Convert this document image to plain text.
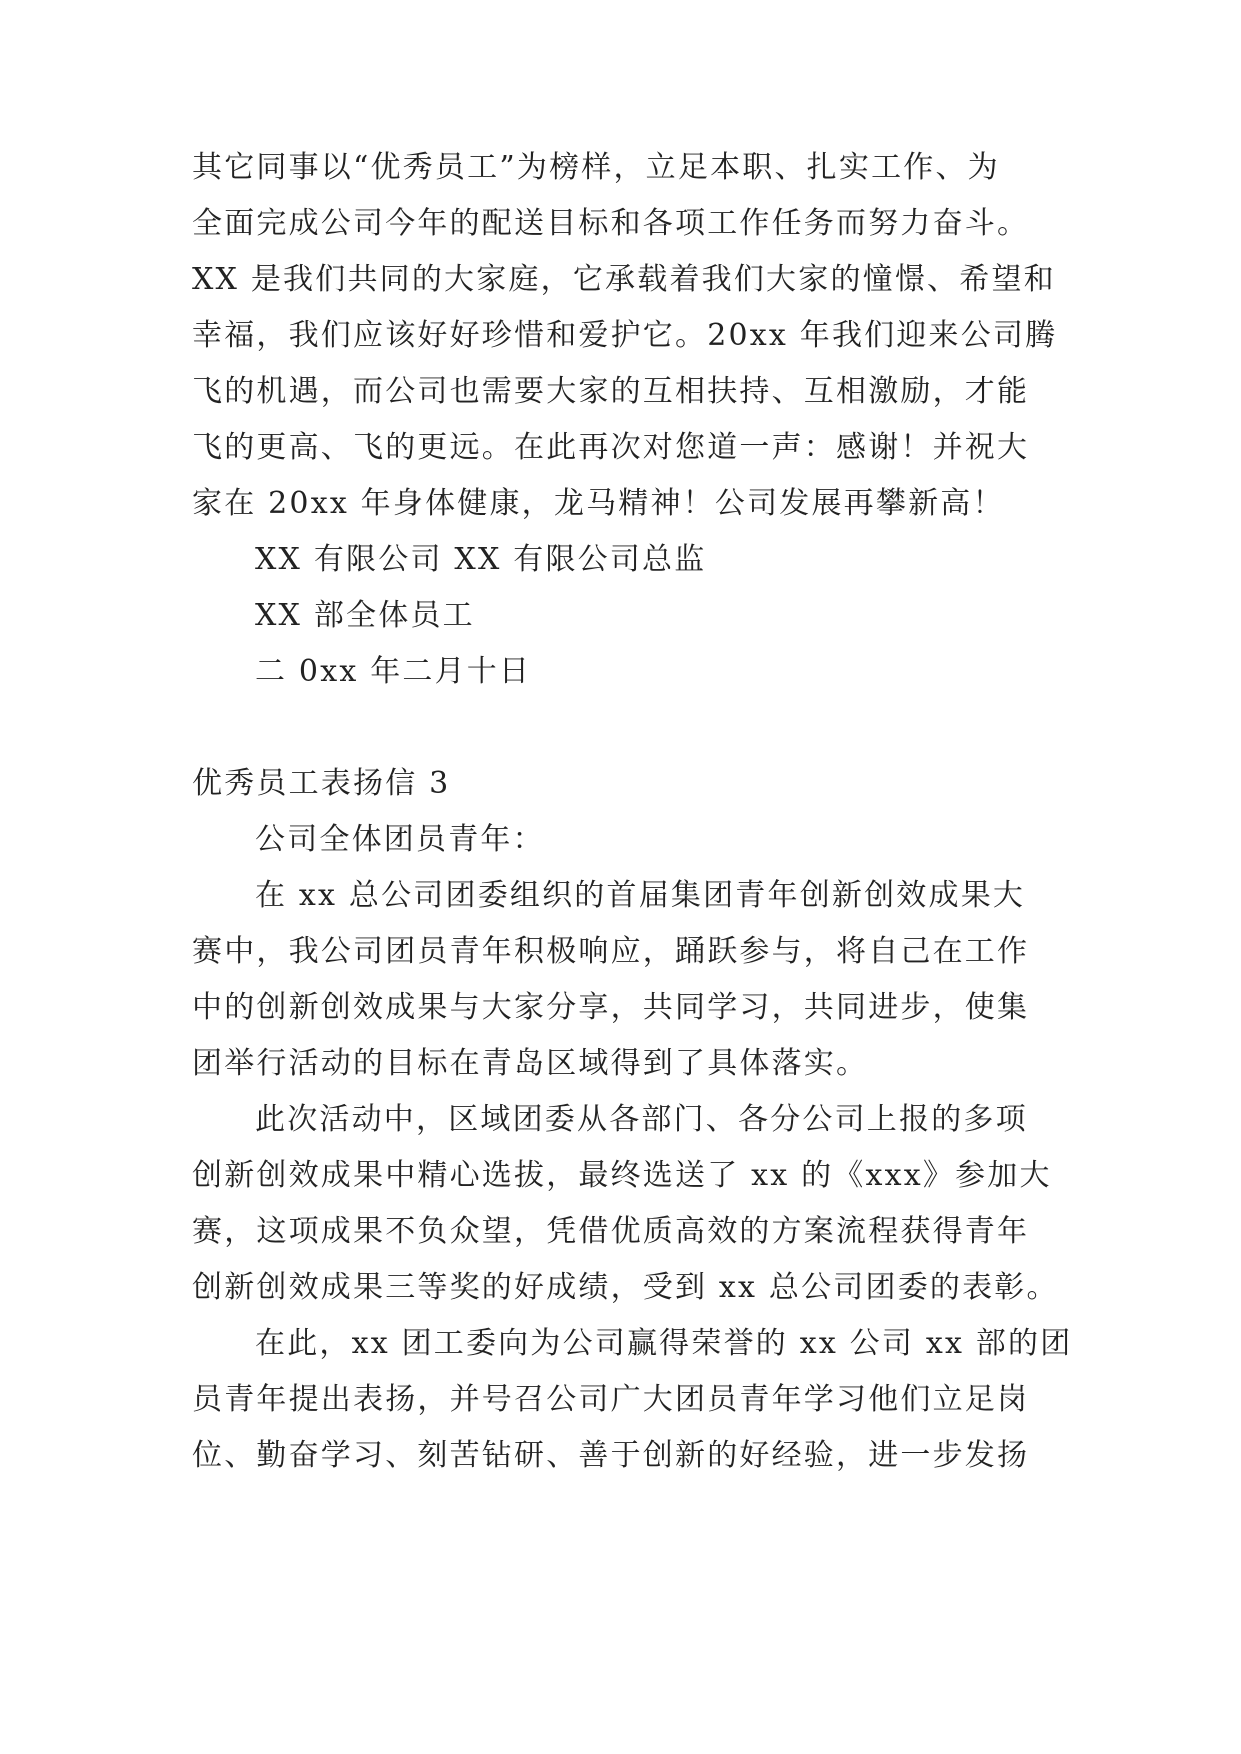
其它同事以“优秀员工”为榜样，立足本职、扎实工作、为
全面完成公司今年的配送目标和各项工作任务而努力奋斗。
XX 是我们共同的大家庭，它承载着我们大家的憧憬、希望和
幸福，我们应该好好珍惜和爱护它。20xx 年我们迎来公司腾
飞的机遇，而公司也需要大家的互相扶持、互相激励，才能
飞的更高、飞的更远。在此再次对您道一声：感谢！并祝大
家在 20xx 年身体健康，龙马精神！公司发展再攀新高！
XX 有限公司 XX 有限公司总监
XX 部全体员工
二 0xx 年二月十日
优秀员工表扬信 3
公司全体团员青年：
在 xx 总公司团委组织的首届集团青年创新创效成果大
赛中，我公司团员青年积极响应，踊跃参与，将自己在工作
中的创新创效成果与大家分享，共同学习，共同进步，使集
团举行活动的目标在青岛区域得到了具体落实。
此次活动中，区域团委从各部门、各分公司上报的多项
创新创效成果中精心选拔，最终选送了 xx 的《xxx》参加大
赛，这项成果不负众望，凭借优质高效的方案流程获得青年
创新创效成果三等奖的好成绩，受到 xx 总公司团委的表彰。
在此，xx 团工委向为公司赢得荣誉的 xx 公司 xx 部的团
员青年提出表扬，并号召公司广大团员青年学习他们立足岗
位、勤奋学习、刻苦钻研、善于创新的好经验，进一步发扬
